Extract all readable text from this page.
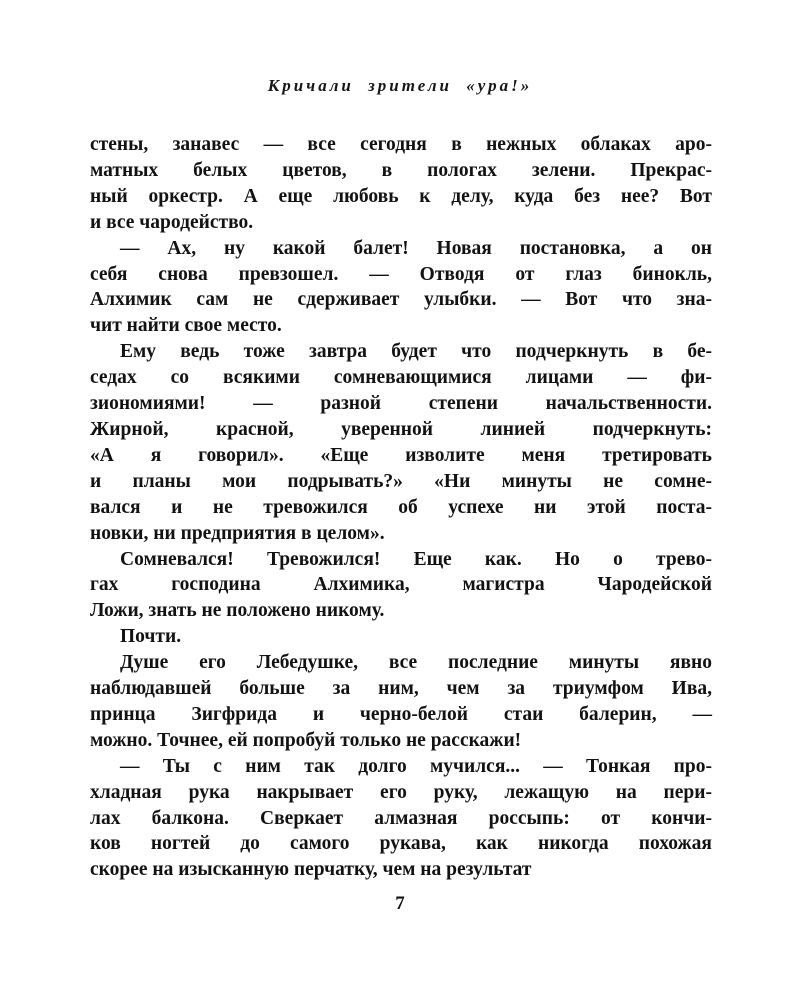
Кричали зрители «ура!»
стены, занавес — все сегодня в нежных облаках аро-
матных белых цветов, в пологах зелени. Прекрас-
ный оркестр. А еще любовь к делу, куда без нее? Вот
и все чародейство.
— Ах, ну какой балет! Новая постановка, а он
себя снова превзошел. — Отводя от глаз бинокль,
Алхимик сам не сдерживает улыбки. — Вот что зна-
чит найти свое место.
Ему ведь тоже завтра будет что подчеркнуть в бе-
седах со всякими сомневающимися лицами — фи-
зиономиями! — разной степени начальственности.
Жирной, красной, уверенной линией подчеркнуть:
«А я говорил». «Еще изволите меня третировать
и планы мои подрывать?» «Ни минуты не сомне-
вался и не тревожился об успехе ни этой поста-
новки, ни предприятия в целом».
Сомневался! Тревожился! Еще как. Но о трево-
гах господина Алхимика, магистра Чародейской
Ложи, знать не положено никому.
Почти.
Душе его Лебедушке, все последние минуты явно
наблюдавшей больше за ним, чем за триумфом Ива,
принца Зигфрида и черно-белой стаи балерин, —
можно. Точнее, ей попробуй только не расскажи!
— Ты с ним так долго мучился... — Тонкая про-
хладная рука накрывает его руку, лежащую на пери-
лах балкона. Сверкает алмазная россыпь: от кончи-
ков ногтей до самого рукава, как никогда похожая
скорее на изысканную перчатку, чем на результат
7
